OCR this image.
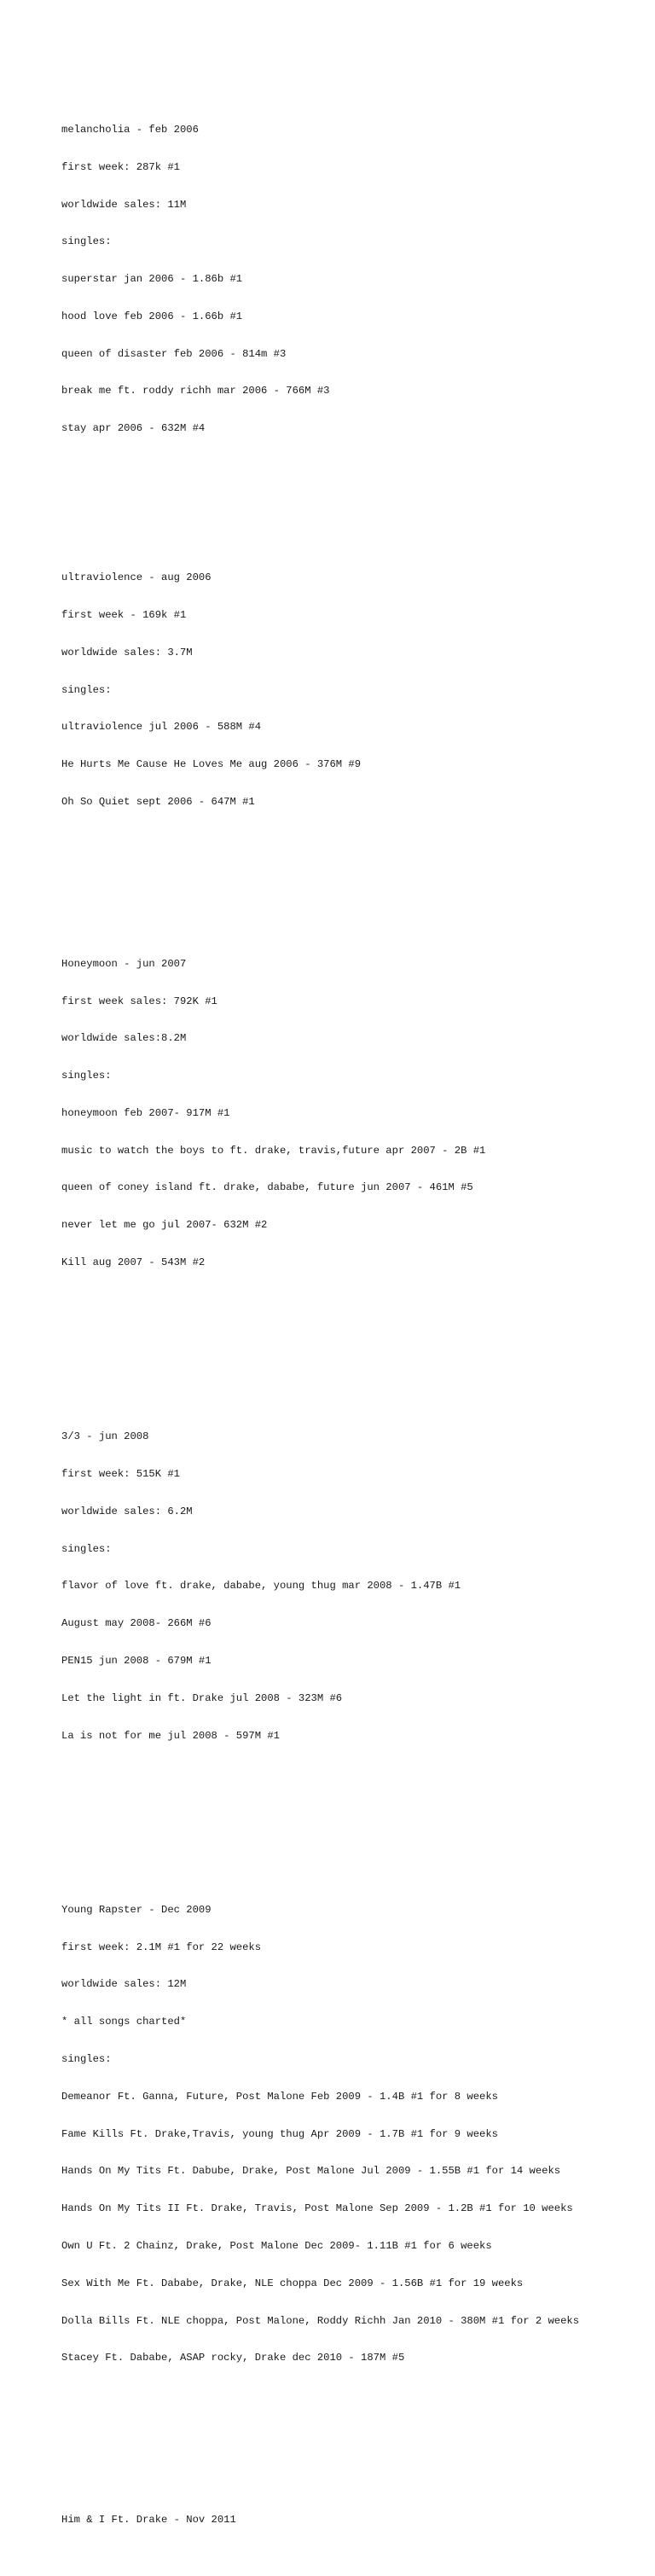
melancholia - feb 2006

first week: 287k #1

worldwide sales: 11M

singles:

superstar jan 2006 - 1.86b #1

hood love feb 2006 - 1.66b #1

queen of disaster feb 2006 - 814m #3

break me ft. roddy richh mar 2006 - 766M #3

stay apr 2006 - 632M #4

ultraviolence - aug 2006

first week - 169k #1

worldwide sales: 3.7M

singles:

ultraviolence jul 2006 - 588M #4

He Hurts Me Cause He Loves Me aug 2006 - 376M #9

Oh So Quiet sept 2006 - 647M #1

Honeymoon - jun 2007

first week sales: 792K #1

worldwide sales:8.2M

singles:

honeymoon feb 2007- 917M #1

music to watch the boys to ft. drake, travis,future apr 2007 - 2B #1

queen of coney island ft. drake, dababe, future jun 2007 - 461M #5

never let me go jul 2007- 632M #2

Kill aug 2007 - 543M #2

3/3 - jun 2008

first week: 515K #1

worldwide sales: 6.2M

singles:

flavor of love ft. drake, dababe, young thug mar 2008 - 1.47B #1

August may 2008- 266M #6

PEN15 jun 2008 - 679M #1

Let the light in ft. Drake jul 2008 - 323M #6

La is not for me jul 2008 - 597M #1

Young Rapster - Dec 2009

first week: 2.1M #1 for 22 weeks

worldwide sales: 12M

* all songs charted*

singles:

Demeanor Ft. Ganna, Future, Post Malone Feb 2009 - 1.4B #1 for 8 weeks

Fame Kills Ft. Drake,Travis, young thug Apr 2009 - 1.7B #1 for 9 weeks

Hands On My Tits Ft. Dabube, Drake, Post Malone Jul 2009 - 1.55B #1 for 14 weeks

Hands On My Tits II Ft. Drake, Travis, Post Malone Sep 2009 - 1.2B #1 for 10 weeks

Own U Ft. 2 Chainz, Drake, Post Malone Dec 2009- 1.11B #1 for 6 weeks

Sex With Me Ft. Dababe, Drake, NLE choppa Dec 2009 - 1.56B #1 for 19 weeks

Dolla Bills Ft. NLE choppa, Post Malone, Roddy Richh Jan 2010 - 380M #1 for 2 weeks

Stacey Ft. Dababe, ASAP rocky, Drake dec 2010 - 187M #5

Him & I Ft. Drake - Nov 2011
